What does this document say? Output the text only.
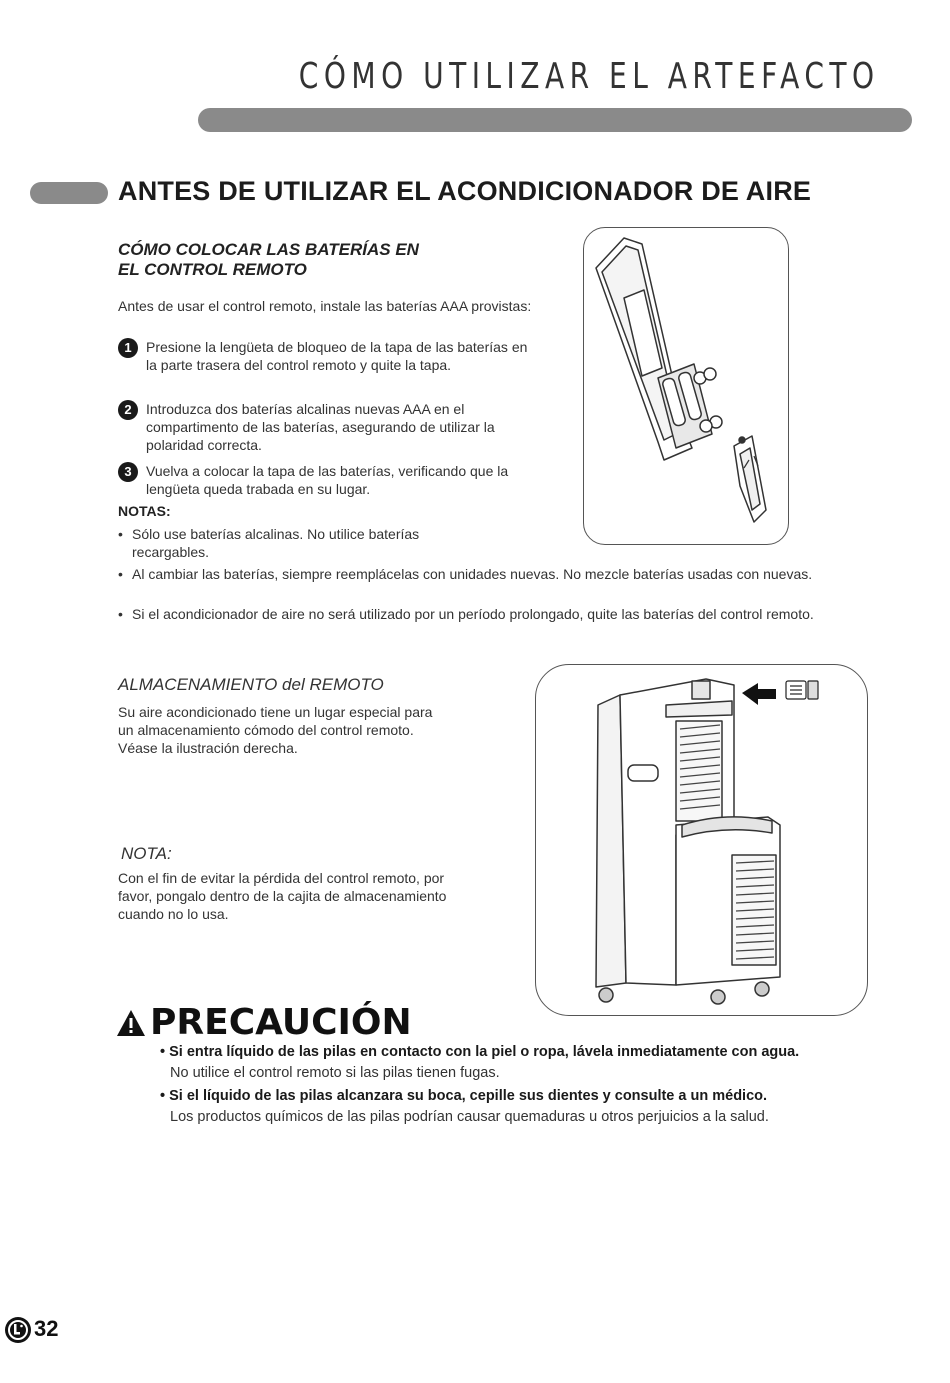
CÓMO UTILIZAR EL ARTEFACTO
ANTES DE UTILIZAR EL ACONDICIONADOR DE AIRE
CÓMO COLOCAR LAS BATERÍAS EN
EL CONTROL REMOTO
Antes de usar el control remoto, instale las baterías AAA provistas:
1	Presione la lengüeta de bloqueo de la tapa de las baterías en la parte trasera del control remoto y quite la tapa.
2	Introduzca dos baterías alcalinas nuevas AAA en el compartimento de las baterías, asegurando de utilizar la polaridad correcta.
3	Vuelva a colocar la tapa de las baterías, verificando que la lengüeta queda trabada en su lugar.
NOTAS:
• Sólo use baterías alcalinas. No utilice baterías recargables.
• Al cambiar las baterías, siempre reemplácelas con unidades nuevas. No mezcle baterías usadas con nuevas.
• Si el acondicionador de aire no será utilizado por un período prolongado, quite las baterías del control remoto.
ALMACENAMIENTO del REMOTO
Su aire acondicionado tiene un lugar especial para un almacenamiento cómodo del control remoto.
Véase la ilustración derecha.
NOTA:
Con el fin de evitar la pérdida del control remoto, por favor, pongalo dentro de la cajita de almacenamiento cuando no lo usa.
PRECAUCIÓN
• Si entra líquido de las pilas en contacto con la piel o ropa, lávela inmediatamente con agua.
No utilice el control remoto si las pilas tienen fugas.
• Si el líquido de las pilas alcanzara su boca, cepille sus dientes y consulte a un médico.
Los productos químicos de las pilas podrían causar quemaduras u otros perjuicios a la salud.
32
